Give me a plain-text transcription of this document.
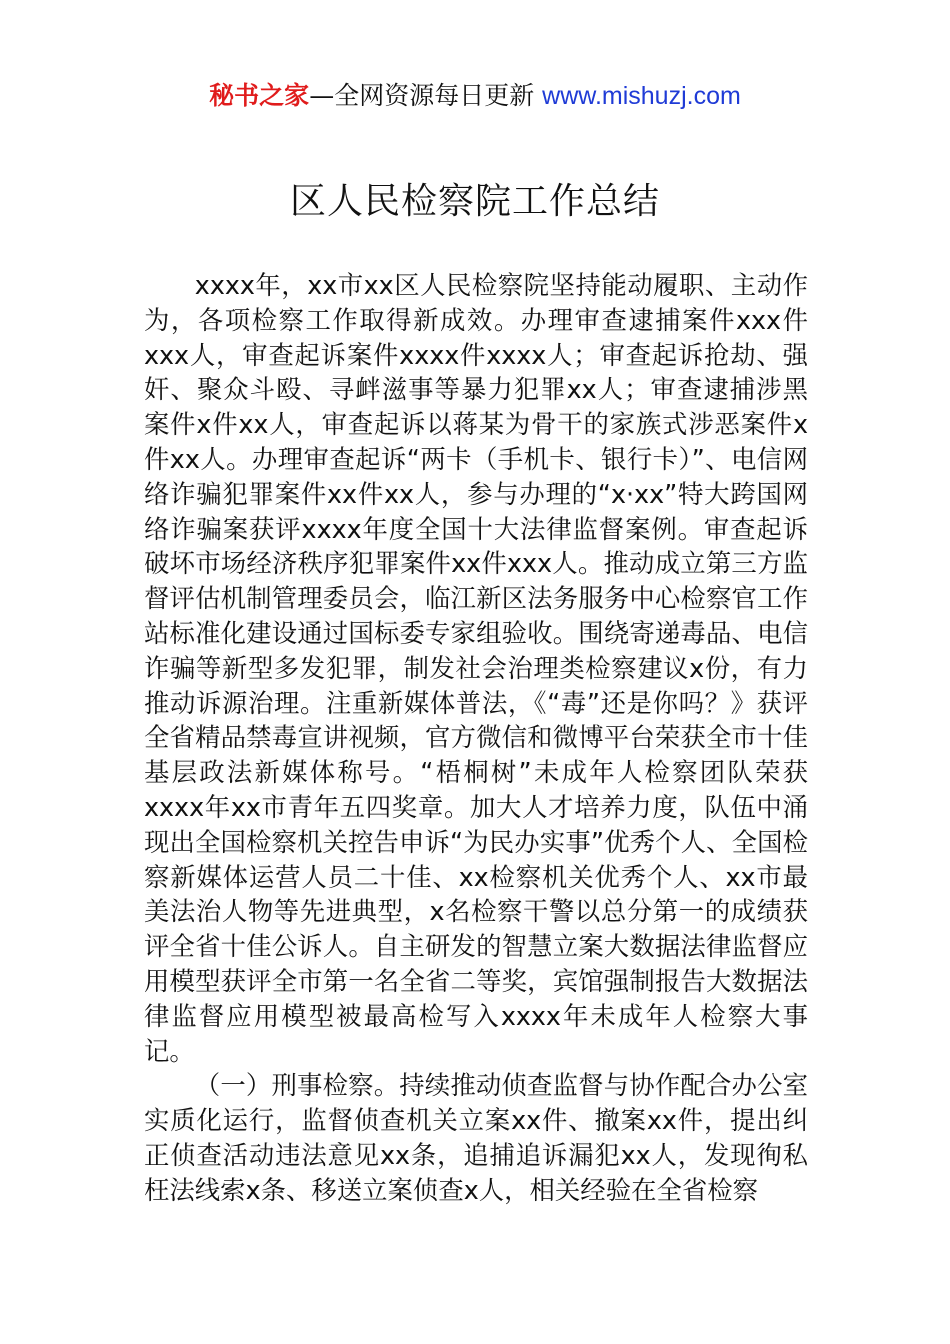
秘书之家—全网资源每日更新 www.mishuzj.com
区人民检察院工作总结

xxxx年，xx市xx区人民检察院坚持能动履职、主动作为，各项检察工作取得新成效。办理审查逮捕案件xxx件xxx人，审查起诉案件xxxx件xxxx人；审查起诉抢劫、强奸、聚众斗殴、寻衅滋事等暴力犯罪xx人；审查逮捕涉黑案件x件xx人，审查起诉以蒋某为骨干的家族式涉恶案件x件xx人。办理审查起诉“两卡（手机卡、银行卡）”、电信网络诈骗犯罪案件xx件xx人，参与办理的“x·xx”特大跨国网络诈骗案获评xxxx年度全国十大法律监督案例。审查起诉破坏市场经济秩序犯罪案件xx件xxx人。推动成立第三方监督评估机制管理委员会，临江新区法务服务中心检察官工作站标准化建设通过国标委专家组验收。围绕寄递毒品、电信诈骗等新型多发犯罪，制发社会治理类检察建议x份，有力推动诉源治理。注重新媒体普法，《“毒”还是你吗？》获评全省精品禁毒宣讲视频，官方微信和微博平台荣获全市十佳基层政法新媒体称号。“梧桐树”未成年人检察团队荣获xxxx年xx市青年五四奖章。加大人才培养力度，队伍中涌现出全国检察机关控告申诉“为民办实事”优秀个人、全国检察新媒体运营人员二十佳、xx检察机关优秀个人、xx市最美法治人物等先进典型，x名检察干警以总分第一的成绩获评全省十佳公诉人。自主研发的智慧立案大数据法律监督应用模型获评全市第一名全省二等奖，宾馆强制报告大数据法律监督应用模型被最高检写入xxxx年未成年人检察大事记。

（一）刑事检察。持续推动侦查监督与协作配合办公室实质化运行，监督侦查机关立案xx件、撤案xx件，提出纠正侦查活动违法意见xx条，追捕追诉漏犯xx人，发现徇私枉法线索x条、移送立案侦查x人，相关经验在全省检察
